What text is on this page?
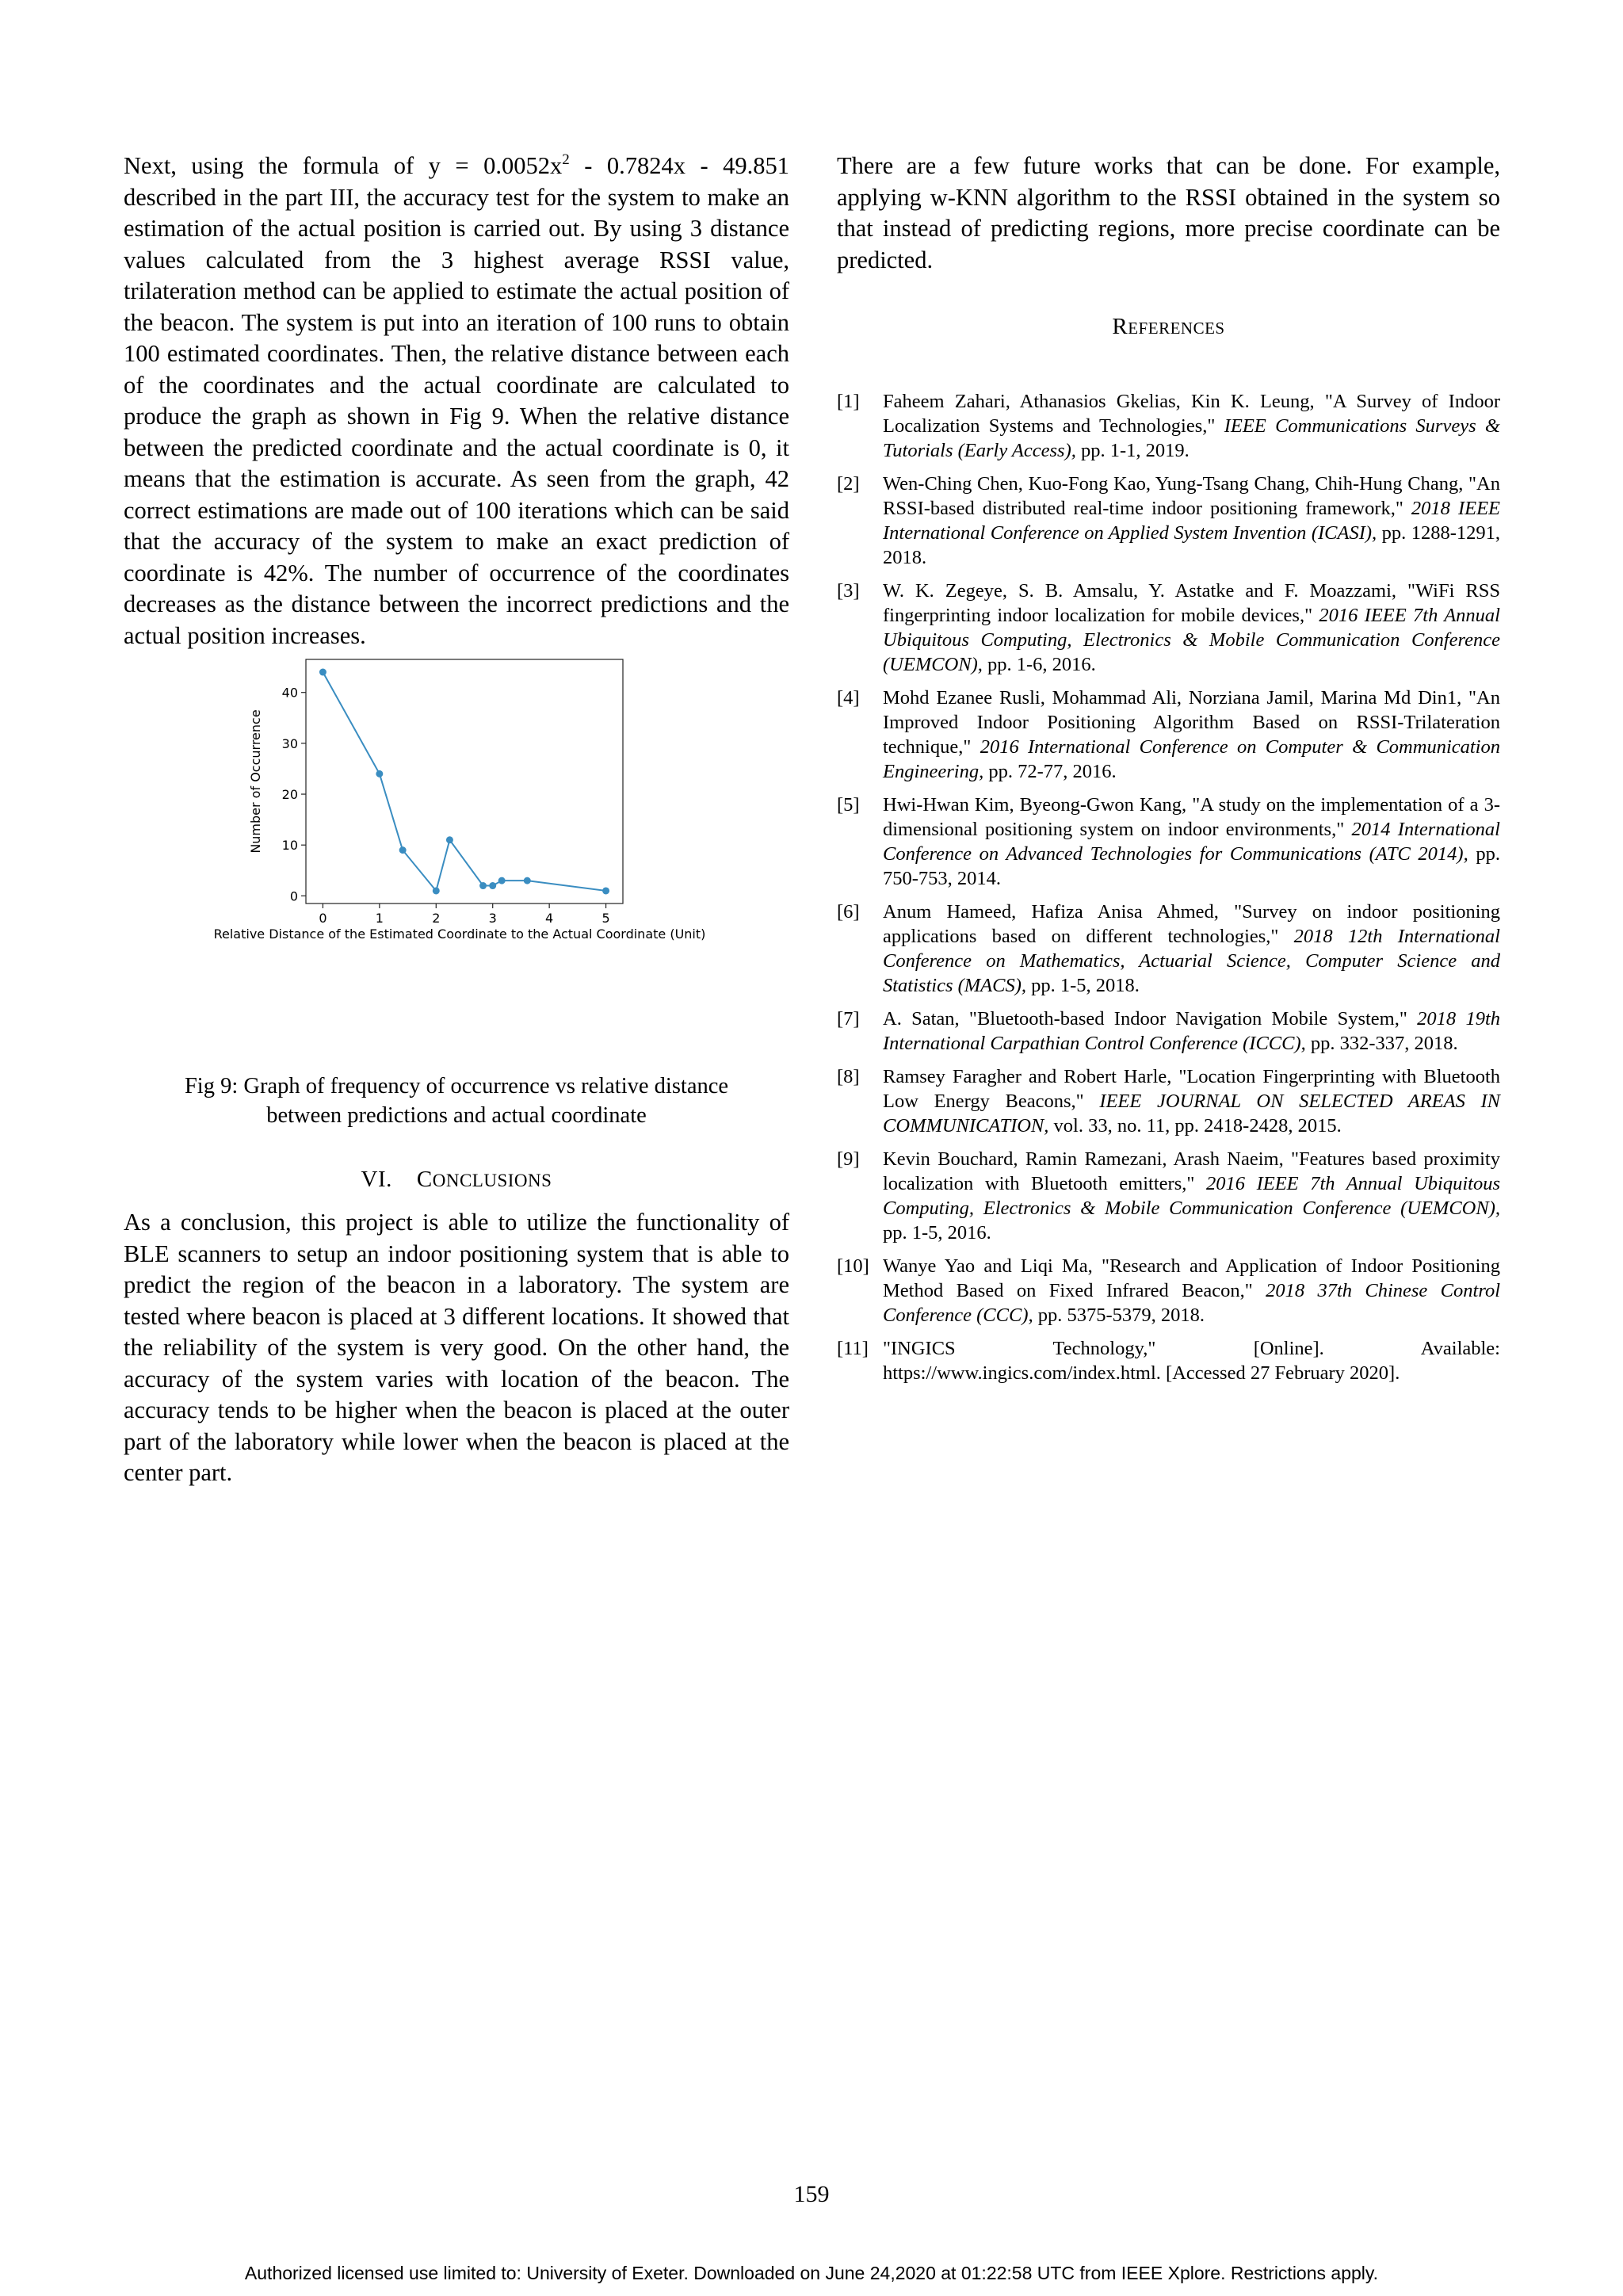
Next, using the formula of $y = 0.0052x^2 - 0.7824x - 49.851$ described in the part III, the accuracy test for the system to make an estimation of the actual position is carried out. By using 3 distance values calculated from the 3 highest average RSSI value, trilateration method can be applied to estimate the actual position of the beacon. The system is put into an iteration of 100 runs to obtain 100 estimated coordinates. Then, the relative distance between each of the coordinates and the actual coordinate are calculated to produce the graph as shown in Fig 9. When the relative distance between the predicted coordinate and the actual coordinate is 0, it means that the estimation is accurate. As seen from the graph, 42 correct estimations are made out of 100 iterations which can be said that the accuracy of the system to make an exact prediction of coordinate is 42%. The number of occurrence of the coordinates decreases as the distance between the incorrect predictions and the actual position increases.

0
10
20
30
40
0	1	2	3	4	5
Relative Distance of the Estimated Coordinate to the Actual Coordinate (Unit)
Number of Occurrence

Fig 9: Graph of frequency of occurrence vs relative distance
between predictions and actual coordinate

VI. CONCLUSIONS

As a conclusion, this project is able to utilize the functionality of BLE scanners to setup an indoor positioning system that is able to predict the region of the beacon in a laboratory. The system are tested where beacon is placed at 3 different locations. It showed that the reliability of the system is very good. On the other hand, the accuracy of the system varies with location of the beacon. The accuracy tends to be higher when the beacon is placed at the outer part of the laboratory while lower when the beacon is placed at the center part.

There are a few future works that can be done. For example, applying w-KNN algorithm to the RSSI obtained in the system so that instead of predicting regions, more precise coordinate can be predicted.

REFERENCES
[1] Faheem Zahari, Athanasios Gkelias, Kin K. Leung, "A Survey of Indoor Localization Systems and Technologies," IEEE Communications Surveys & Tutorials (Early Access), pp. 1-1, 2019.
[2] Wen-Ching Chen, Kuo-Fong Kao, Yung-Tsang Chang, Chih-Hung Chang, "An RSSI-based distributed real-time indoor positioning framework," 2018 IEEE International Conference on Applied System Invention (ICASI), pp. 1288-1291, 2018.
[3] W. K. Zegeye, S. B. Amsalu, Y. Astatke and F. Moazzami, "WiFi RSS fingerprinting indoor localization for mobile devices," 2016 IEEE 7th Annual Ubiquitous Computing, Electronics & Mobile Communication Conference (UEMCON), pp. 1-6, 2016.
[4] Mohd Ezanee Rusli, Mohammad Ali, Norziana Jamil, Marina Md Din1, "An Improved Indoor Positioning Algorithm Based on RSSI-Trilateration technique," 2016 International Conference on Computer & Communication Engineering, pp. 72-77, 2016.
[5] Hwi-Hwan Kim, Byeong-Gwon Kang, "A study on the implementation of a 3-dimensional positioning system on indoor environments," 2014 International Conference on Advanced Technologies for Communications (ATC 2014), pp. 750-753, 2014.
[6] Anum Hameed, Hafiza Anisa Ahmed, "Survey on indoor positioning applications based on different technologies," 2018 12th International Conference on Mathematics, Actuarial Science, Computer Science and Statistics (MACS), pp. 1-5, 2018.
[7] A. Satan, "Bluetooth-based Indoor Navigation Mobile System," 2018 19th International Carpathian Control Conference (ICCC), pp. 332-337, 2018.
[8] Ramsey Faragher and Robert Harle, "Location Fingerprinting with Bluetooth Low Energy Beacons," IEEE JOURNAL ON SELECTED AREAS IN COMMUNICATION, vol. 33, no. 11, pp. 2418-2428, 2015.
[9] Kevin Bouchard, Ramin Ramezani, Arash Naeim, "Features based proximity localization with Bluetooth emitters," 2016 IEEE 7th Annual Ubiquitous Computing, Electronics & Mobile Communication Conference (UEMCON), pp. 1-5, 2016.
[10] Wanye Yao and Liqi Ma, "Research and Application of Indoor Positioning Method Based on Fixed Infrared Beacon," 2018 37th Chinese Control Conference (CCC), pp. 5375-5379, 2018.
[11] "INGICS Technology," [Online]. Available: https://www.ingics.com/index.html. [Accessed 27 February 2020].
159
Authorized licensed use limited to: University of Exeter. Downloaded on June 24,2020 at 01:22:58 UTC from IEEE Xplore. Restrictions apply.
